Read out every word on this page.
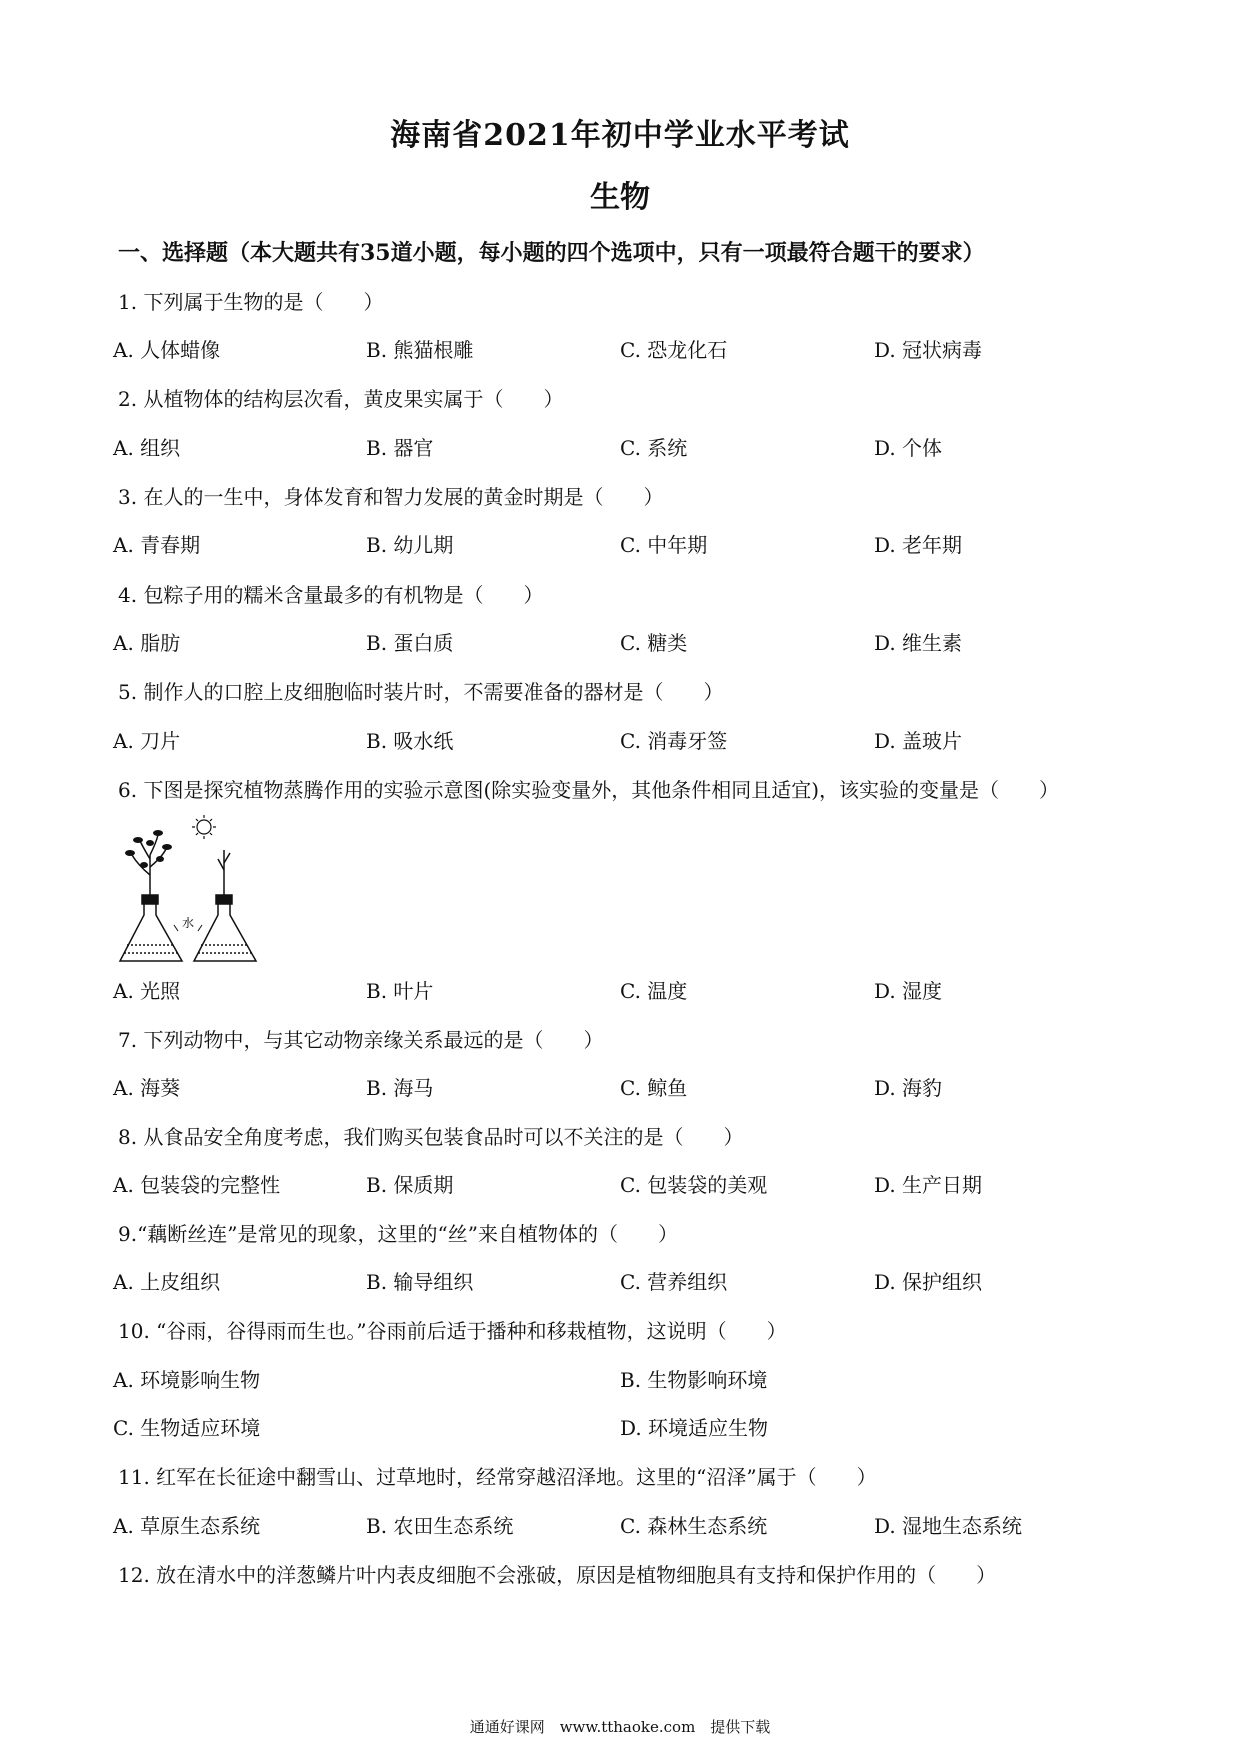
海南省2021年初中学业水平考试
生物
一、选择题（本大题共有35道小题，每小题的四个选项中，只有一项最符合题干的要求）
1. 下列属于生物的是（　　）
A. 人体蜡像	B. 熊猫根雕	C. 恐龙化石	D. 冠状病毒
2. 从植物体的结构层次看，黄皮果实属于（　　）
A. 组织	B. 器官	C. 系统	D. 个体
3. 在人的一生中，身体发育和智力发展的黄金时期是（　　）
A. 青春期	B. 幼儿期	C. 中年期	D. 老年期
4. 包粽子用的糯米含量最多的有机物是（　　）
A. 脂肪	B. 蛋白质	C. 糖类	D. 维生素
5. 制作人的口腔上皮细胞临时装片时，不需要准备的器材是（　　）
A. 刀片	B. 吸水纸	C. 消毒牙签	D. 盖玻片
6. 下图是探究植物蒸腾作用的实验示意图(除实验变量外，其他条件相同且适宜)，该实验的变量是（　　）
水
A. 光照	B. 叶片	C. 温度	D. 湿度
7. 下列动物中，与其它动物亲缘关系最远的是（　　）
A. 海葵	B. 海马	C. 鲸鱼	D. 海豹
8. 从食品安全角度考虑，我们购买包装食品时可以不关注的是（　　）
A. 包装袋的完整性	B. 保质期	C. 包装袋的美观	D. 生产日期
9.“藕断丝连”是常见的现象，这里的“丝”来自植物体的（　　）
A. 上皮组织	B. 输导组织	C. 营养组织	D. 保护组织
10. “谷雨，谷得雨而生也。”谷雨前后适于播种和移栽植物，这说明（　　）
A. 环境影响生物	B. 生物影响环境
C. 生物适应环境	D. 环境适应生物
11. 红军在长征途中翻雪山、过草地时，经常穿越沼泽地。这里的“沼泽”属于（　　）
A. 草原生态系统	B. 农田生态系统	C. 森林生态系统	D. 湿地生态系统
12. 放在清水中的洋葱鳞片叶内表皮细胞不会涨破，原因是植物细胞具有支持和保护作用的（　　）
通通好课网　www.tthaoke.com　提供下载
